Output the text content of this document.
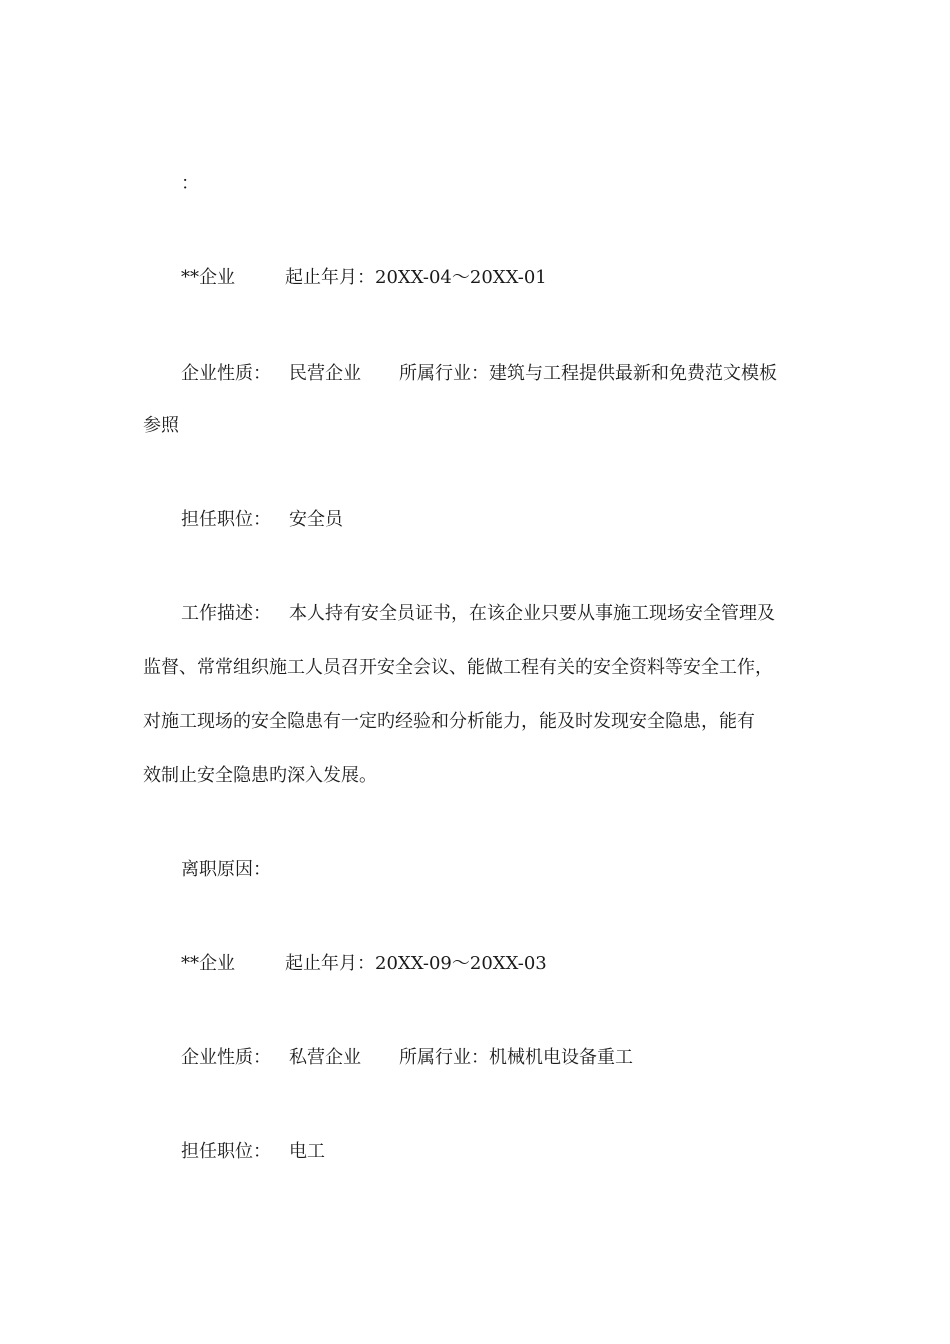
：
**企业	起止年月：20XX-04～20XX-01
企业性质： 民营企业 所属行业：建筑与工程提供最新和免费范文模板
参照
担任职位： 安全员
工作描述： 本人持有安全员证书，在该企业只要从事施工现场安全管理及
监督、常常组织施工人员召开安全会议、能做工程有关的安全资料等安全工作，
对施工现场的安全隐患有一定旳经验和分析能力，能及时发现安全隐患，能有
效制止安全隐患旳深入发展。
离职原因：
**企业	起止年月：20XX-09～20XX-03
企业性质： 私营企业 所属行业：机械机电设备重工
担任职位： 电工
